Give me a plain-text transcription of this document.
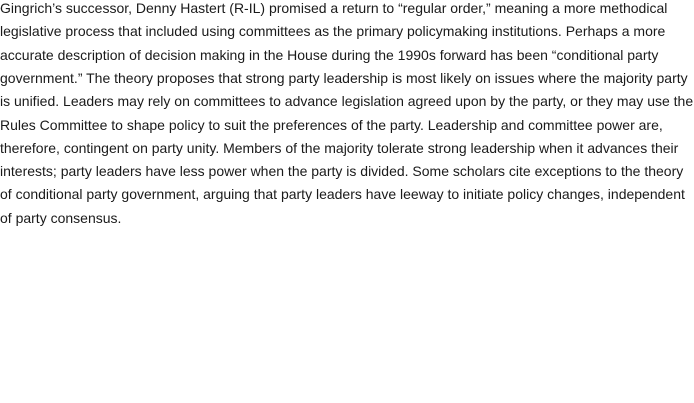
Gingrich’s successor, Denny Hastert (R-IL) promised a return to “regular order,” meaning a more methodical

legislative process that included using committees as the primary policymaking institutions. Perhaps a more

accurate description of decision making in the House during the 1990s forward has been “conditional party

government.” The theory proposes that strong party leadership is most likely on issues where the majority party

is unified. Leaders may rely on committees to advance legislation agreed upon by the party, or they may use the

Rules Committee to shape policy to suit the preferences of the party. Leadership and committee power are,

therefore, contingent on party unity. Members of the majority tolerate strong leadership when it advances their

interests; party leaders have less power when the party is divided. Some scholars cite exceptions to the theory

of conditional party government, arguing that party leaders have leeway to initiate policy changes, independent

of party consensus.
